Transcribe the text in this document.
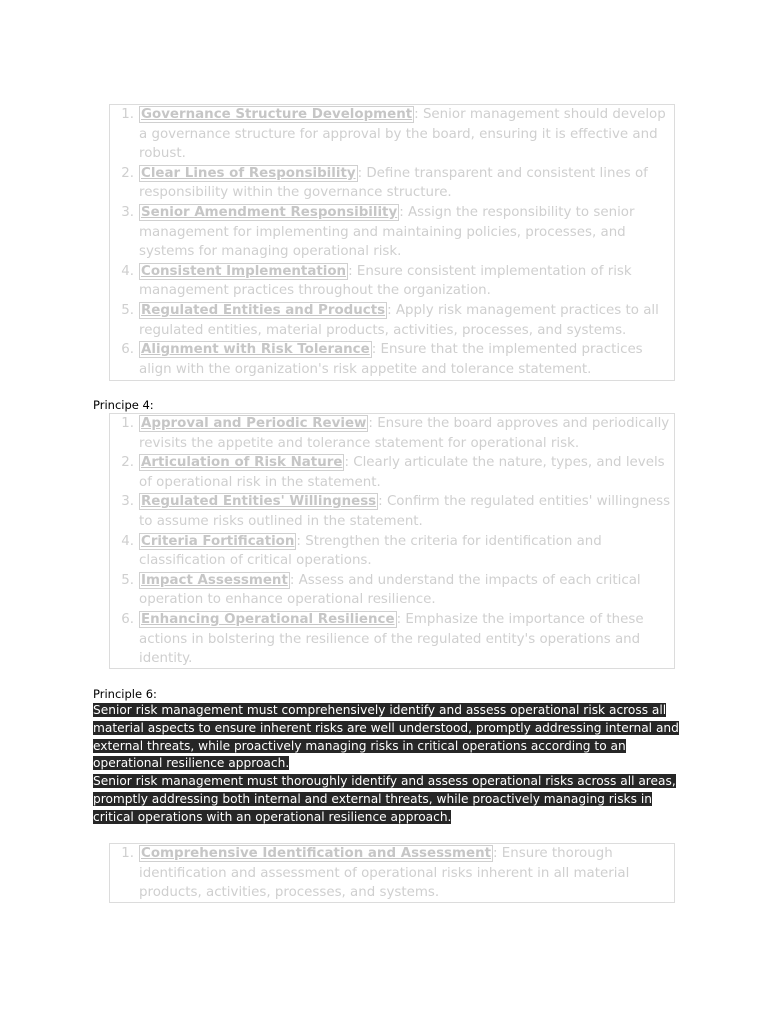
1. Governance Structure Development : Senior management should develop a governance structure for approval by the board, ensuring it is effective and robust.
2. Clear Lines of Responsibility : Define transparent and consistent lines of responsibility within the governance structure.
3. Senior Amendment Responsibility : Assign the responsibility to senior management for implementing and maintaining policies, processes, and systems for managing operational risk.
4. Consistent Implementation : Ensure consistent implementation of risk management practices throughout the organization.
5. Regulated Entities and Products : Apply risk management practices to all regulated entities, material products, activities, processes, and systems.
6. Alignment with Risk Tolerance : Ensure that the implemented practices align with the organization's risk appetite and tolerance statement.
Principe 4:
1. Approval and Periodic Review : Ensure the board approves and periodically revisits the appetite and tolerance statement for operational risk.
2. Articulation of Risk Nature : Clearly articulate the nature, types, and levels of operational risk in the statement.
3. Regulated Entities' Willingness : Confirm the regulated entities' willingness to assume risks outlined in the statement.
4. Criteria Fortification : Strengthen the criteria for identification and classification of critical operations.
5. Impact Assessment : Assess and understand the impacts of each critical operation to enhance operational resilience.
6. Enhancing Operational Resilience : Emphasize the importance of these actions in bolstering the resilience of the regulated entity's operations and identity.
Principle 6:

Senior risk management must comprehensively identify and assess operational risk across all material aspects to ensure inherent risks are well understood, promptly addressing internal and external threats, while proactively managing risks in critical operations according to an operational resilience approach.

Senior risk management must thoroughly identify and assess operational risks across all areas, promptly addressing both internal and external threats, while proactively managing risks in critical operations with an operational resilience approach.

1. Comprehensive Identification and Assessment : Ensure thorough identification and assessment of operational risks inherent in all material products, activities, processes, and systems.
